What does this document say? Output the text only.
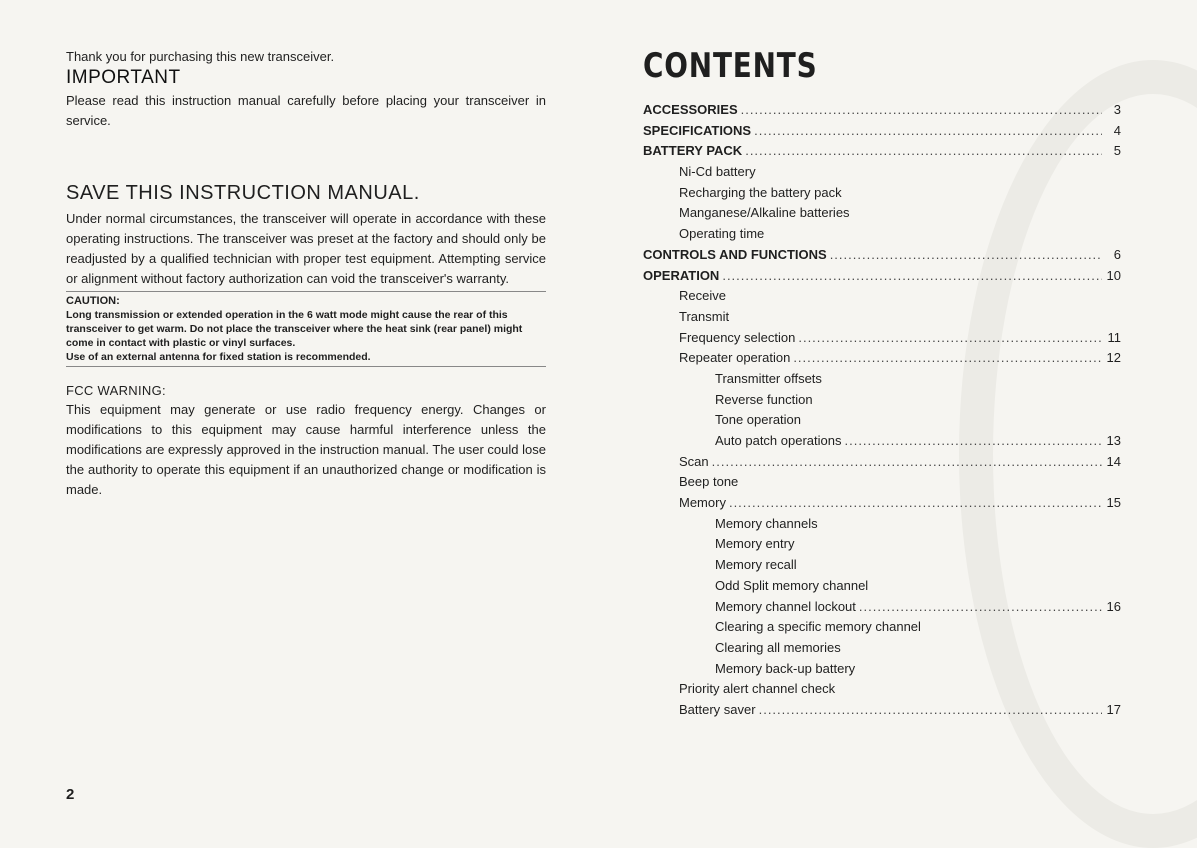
Thank you for purchasing this new transceiver.

IMPORTANT

Please read this instruction manual carefully before placing your transceiver in service.

SAVE THIS INSTRUCTION MANUAL.

Under normal circumstances, the transceiver will operate in accordance with these operating instructions. The transceiver was preset at the factory and should only be readjusted by a qualified technician with proper test equipment. Attempting service or alignment without factory authorization can void the transceiver's warranty.

CAUTION:

Long transmission or extended operation in the 6 watt mode might cause the rear of this transceiver to get warm. Do not place the transceiver where the heat sink (rear panel) might come in contact with plastic or vinyl surfaces.

Use of an external antenna for fixed station is recommended.

FCC WARNING:

This equipment may generate or use radio frequency energy. Changes or modifications to this equipment may cause harmful interference unless the modifications are expressly approved in the instruction manual. The user could lose the authority to operate this equipment if an unauthorized change or modification is made.

2
CONTENTS
ACCESSORIES .....	3
SPECIFICATIONS .....	4
BATTERY PACK .....	5
Ni-Cd battery
Recharging the battery pack
Manganese/Alkaline batteries
Operating time
CONTROLS AND FUNCTIONS .....	6
OPERATION .....	10
Receive
Transmit
Frequency selection .....	11
Repeater operation .....	12
Transmitter offsets
Reverse function
Tone operation
Auto patch operations .....	13
Scan .....	14
Beep tone
Memory .....	15
Memory channels
Memory entry
Memory recall
Odd Split memory channel
Memory channel lockout .....	16
Clearing a specific memory channel
Clearing all memories
Memory back-up battery
Priority alert channel check
Battery saver .....	17
